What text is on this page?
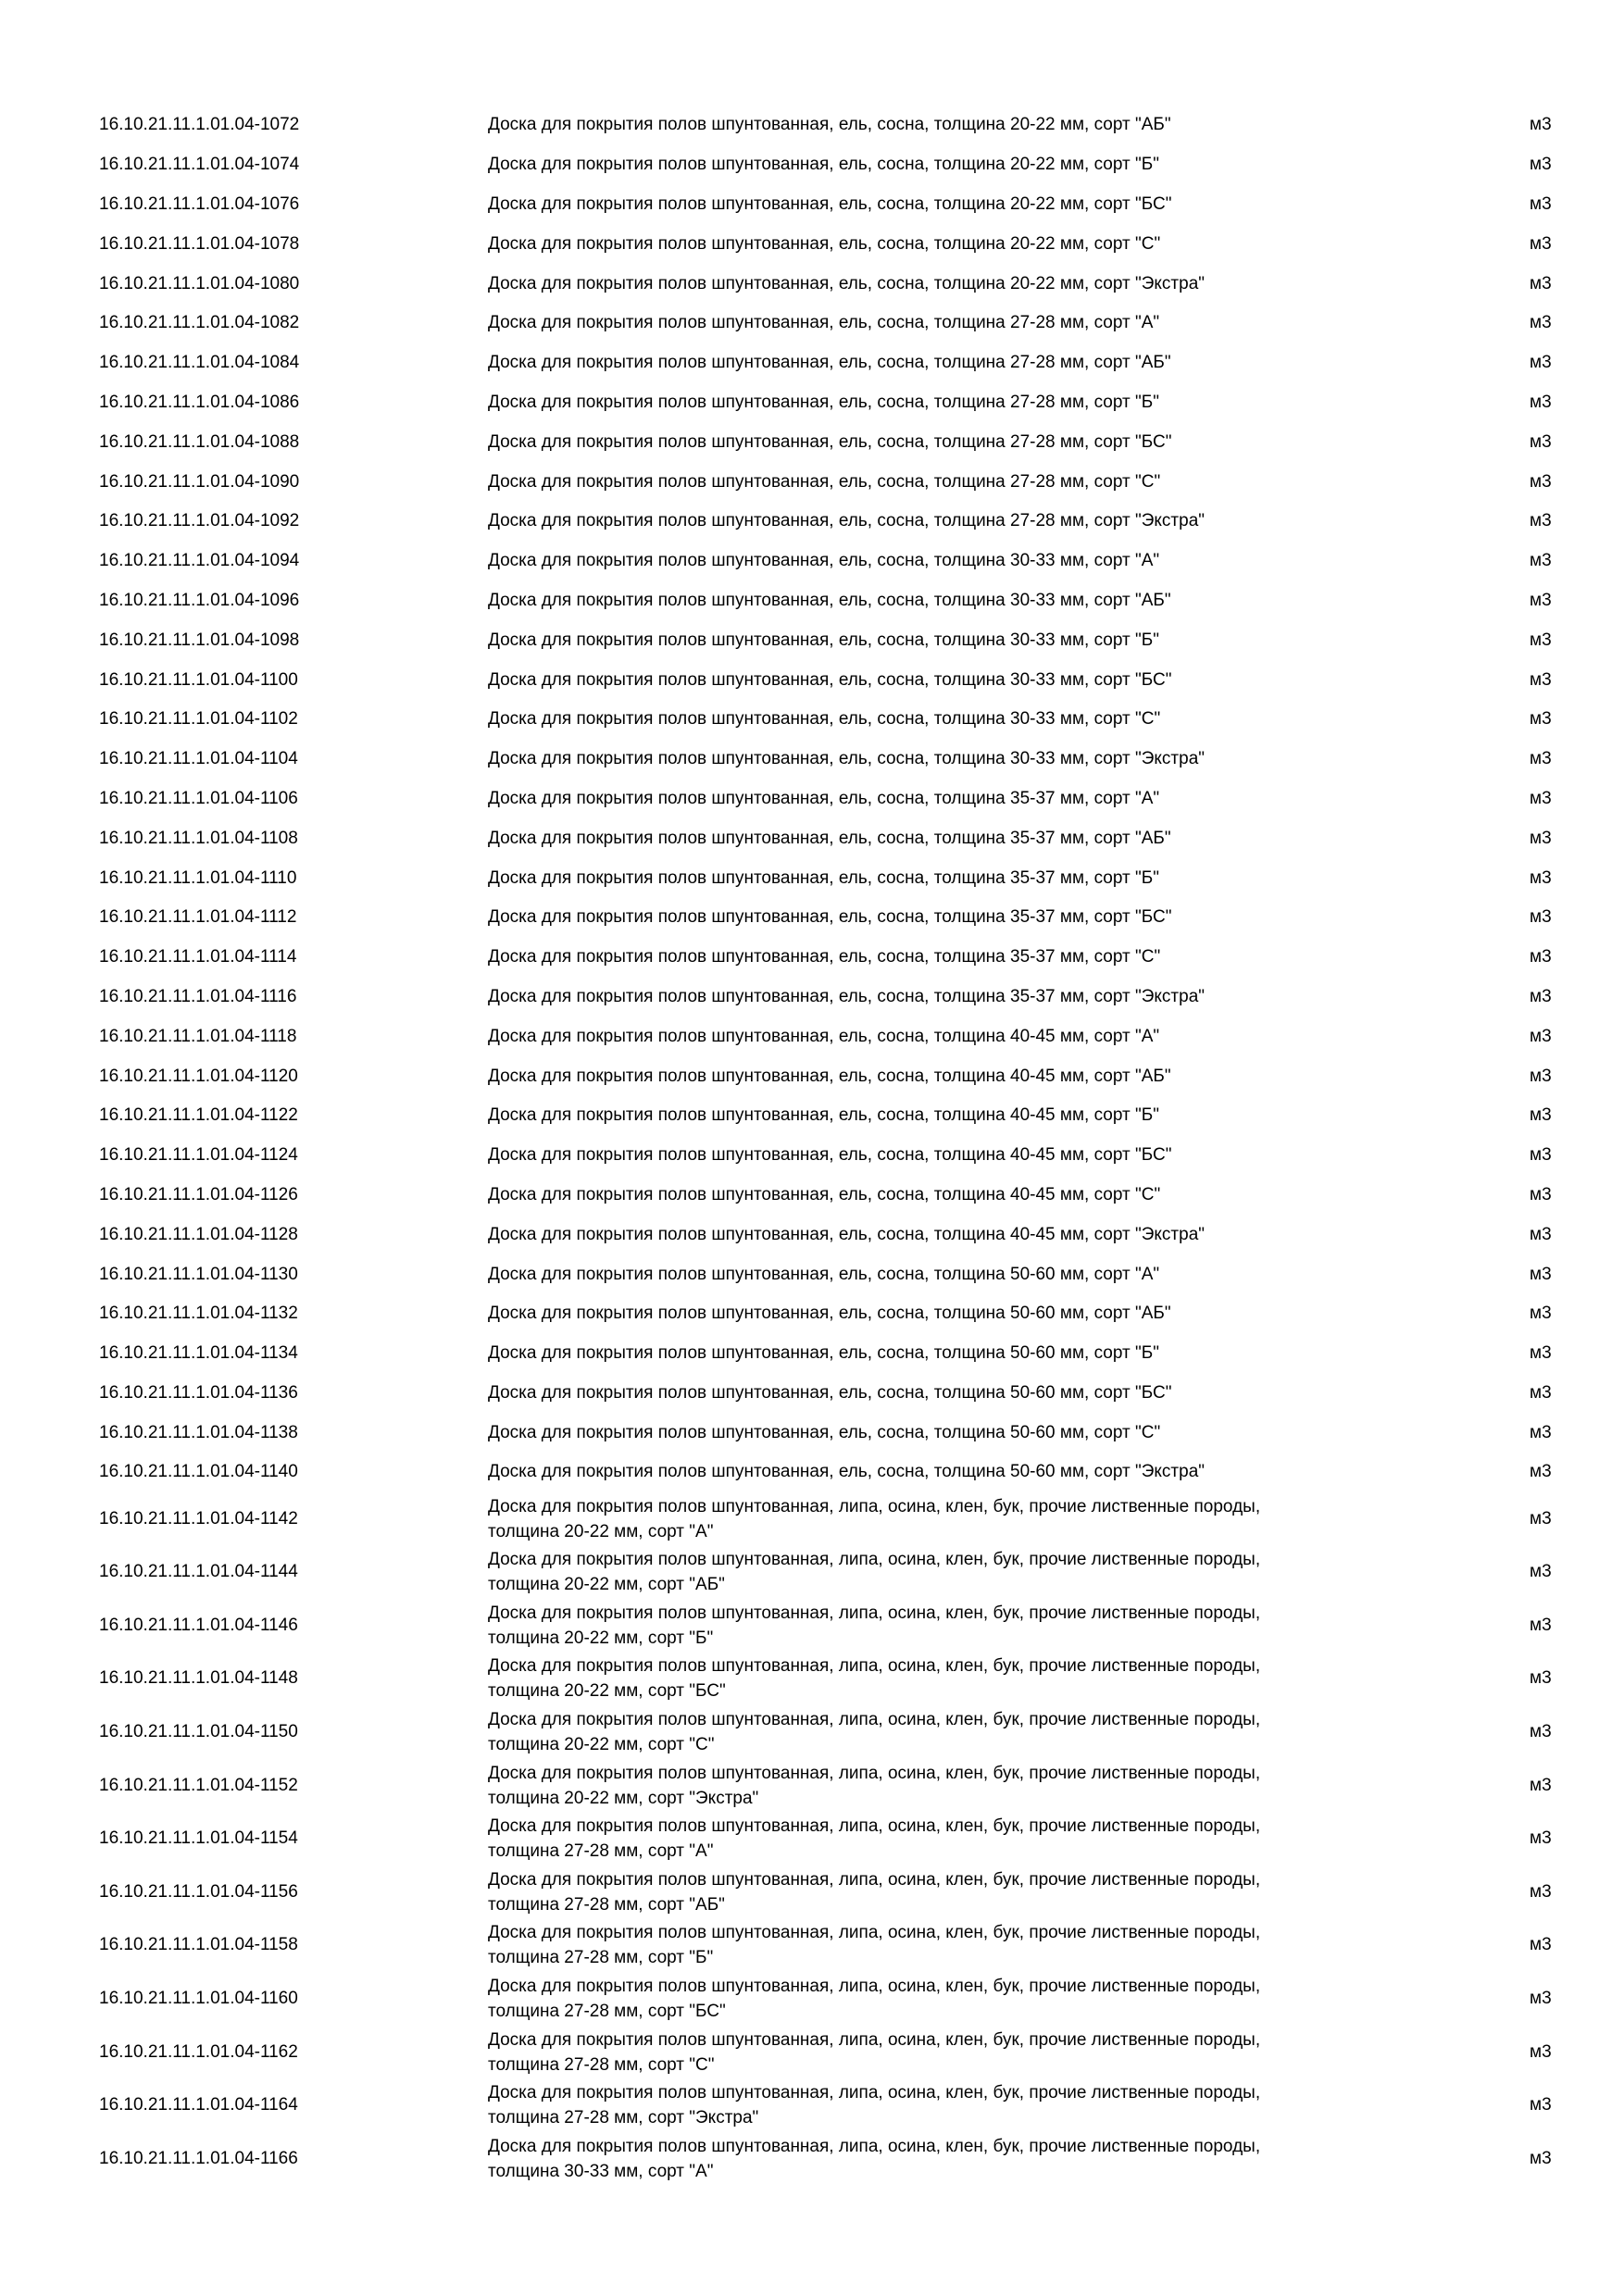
16.10.21.11.1.01.04-1072	Доска для покрытия полов шпунтованная, ель, сосна, толщина 20-22 мм, сорт "АБ"	м3
16.10.21.11.1.01.04-1074	Доска для покрытия полов шпунтованная, ель, сосна, толщина 20-22 мм, сорт "Б"	м3
16.10.21.11.1.01.04-1076	Доска для покрытия полов шпунтованная, ель, сосна, толщина 20-22 мм, сорт "БС"	м3
16.10.21.11.1.01.04-1078	Доска для покрытия полов шпунтованная, ель, сосна, толщина 20-22 мм, сорт "С"	м3
16.10.21.11.1.01.04-1080	Доска для покрытия полов шпунтованная, ель, сосна, толщина 20-22 мм, сорт "Экстра"	м3
16.10.21.11.1.01.04-1082	Доска для покрытия полов шпунтованная, ель, сосна, толщина 27-28 мм, сорт "А"	м3
16.10.21.11.1.01.04-1084	Доска для покрытия полов шпунтованная, ель, сосна, толщина 27-28 мм, сорт "АБ"	м3
16.10.21.11.1.01.04-1086	Доска для покрытия полов шпунтованная, ель, сосна, толщина 27-28 мм, сорт "Б"	м3
16.10.21.11.1.01.04-1088	Доска для покрытия полов шпунтованная, ель, сосна, толщина 27-28 мм, сорт "БС"	м3
16.10.21.11.1.01.04-1090	Доска для покрытия полов шпунтованная, ель, сосна, толщина 27-28 мм, сорт "С"	м3
16.10.21.11.1.01.04-1092	Доска для покрытия полов шпунтованная, ель, сосна, толщина 27-28 мм, сорт "Экстра"	м3
16.10.21.11.1.01.04-1094	Доска для покрытия полов шпунтованная, ель, сосна, толщина 30-33 мм, сорт "А"	м3
16.10.21.11.1.01.04-1096	Доска для покрытия полов шпунтованная, ель, сосна, толщина 30-33 мм, сорт "АБ"	м3
16.10.21.11.1.01.04-1098	Доска для покрытия полов шпунтованная, ель, сосна, толщина 30-33 мм, сорт "Б"	м3
16.10.21.11.1.01.04-1100	Доска для покрытия полов шпунтованная, ель, сосна, толщина 30-33 мм, сорт "БС"	м3
16.10.21.11.1.01.04-1102	Доска для покрытия полов шпунтованная, ель, сосна, толщина 30-33 мм, сорт "С"	м3
16.10.21.11.1.01.04-1104	Доска для покрытия полов шпунтованная, ель, сосна, толщина 30-33 мм, сорт "Экстра"	м3
16.10.21.11.1.01.04-1106	Доска для покрытия полов шпунтованная, ель, сосна, толщина 35-37 мм, сорт "А"	м3
16.10.21.11.1.01.04-1108	Доска для покрытия полов шпунтованная, ель, сосна, толщина 35-37 мм, сорт "АБ"	м3
16.10.21.11.1.01.04-1110	Доска для покрытия полов шпунтованная, ель, сосна, толщина 35-37 мм, сорт "Б"	м3
16.10.21.11.1.01.04-1112	Доска для покрытия полов шпунтованная, ель, сосна, толщина 35-37 мм, сорт "БС"	м3
16.10.21.11.1.01.04-1114	Доска для покрытия полов шпунтованная, ель, сосна, толщина 35-37 мм, сорт "С"	м3
16.10.21.11.1.01.04-1116	Доска для покрытия полов шпунтованная, ель, сосна, толщина 35-37 мм, сорт "Экстра"	м3
16.10.21.11.1.01.04-1118	Доска для покрытия полов шпунтованная, ель, сосна, толщина 40-45 мм, сорт "А"	м3
16.10.21.11.1.01.04-1120	Доска для покрытия полов шпунтованная, ель, сосна, толщина 40-45 мм, сорт "АБ"	м3
16.10.21.11.1.01.04-1122	Доска для покрытия полов шпунтованная, ель, сосна, толщина 40-45 мм, сорт "Б"	м3
16.10.21.11.1.01.04-1124	Доска для покрытия полов шпунтованная, ель, сосна, толщина 40-45 мм, сорт "БС"	м3
16.10.21.11.1.01.04-1126	Доска для покрытия полов шпунтованная, ель, сосна, толщина 40-45 мм, сорт "С"	м3
16.10.21.11.1.01.04-1128	Доска для покрытия полов шпунтованная, ель, сосна, толщина 40-45 мм, сорт "Экстра"	м3
16.10.21.11.1.01.04-1130	Доска для покрытия полов шпунтованная, ель, сосна, толщина 50-60 мм, сорт "А"	м3
16.10.21.11.1.01.04-1132	Доска для покрытия полов шпунтованная, ель, сосна, толщина 50-60 мм, сорт "АБ"	м3
16.10.21.11.1.01.04-1134	Доска для покрытия полов шпунтованная, ель, сосна, толщина 50-60 мм, сорт "Б"	м3
16.10.21.11.1.01.04-1136	Доска для покрытия полов шпунтованная, ель, сосна, толщина 50-60 мм, сорт "БС"	м3
16.10.21.11.1.01.04-1138	Доска для покрытия полов шпунтованная, ель, сосна, толщина 50-60 мм, сорт "С"	м3
16.10.21.11.1.01.04-1140	Доска для покрытия полов шпунтованная, ель, сосна, толщина 50-60 мм, сорт "Экстра"	м3
16.10.21.11.1.01.04-1142	Доска для покрытия полов шпунтованная, липа, осина, клен, бук, прочие лиственные породы,
толщина 20-22 мм, сорт "А"	м3
16.10.21.11.1.01.04-1144	Доска для покрытия полов шпунтованная, липа, осина, клен, бук, прочие лиственные породы,
толщина 20-22 мм, сорт "АБ"	м3
16.10.21.11.1.01.04-1146	Доска для покрытия полов шпунтованная, липа, осина, клен, бук, прочие лиственные породы,
толщина 20-22 мм, сорт "Б"	м3
16.10.21.11.1.01.04-1148	Доска для покрытия полов шпунтованная, липа, осина, клен, бук, прочие лиственные породы,
толщина 20-22 мм, сорт "БС"	м3
16.10.21.11.1.01.04-1150	Доска для покрытия полов шпунтованная, липа, осина, клен, бук, прочие лиственные породы,
толщина 20-22 мм, сорт "С"	м3
16.10.21.11.1.01.04-1152	Доска для покрытия полов шпунтованная, липа, осина, клен, бук, прочие лиственные породы,
толщина 20-22 мм, сорт "Экстра"	м3
16.10.21.11.1.01.04-1154	Доска для покрытия полов шпунтованная, липа, осина, клен, бук, прочие лиственные породы,
толщина 27-28 мм, сорт "А"	м3
16.10.21.11.1.01.04-1156	Доска для покрытия полов шпунтованная, липа, осина, клен, бук, прочие лиственные породы,
толщина 27-28 мм, сорт "АБ"	м3
16.10.21.11.1.01.04-1158	Доска для покрытия полов шпунтованная, липа, осина, клен, бук, прочие лиственные породы,
толщина 27-28 мм, сорт "Б"	м3
16.10.21.11.1.01.04-1160	Доска для покрытия полов шпунтованная, липа, осина, клен, бук, прочие лиственные породы,
толщина 27-28 мм, сорт "БС"	м3
16.10.21.11.1.01.04-1162	Доска для покрытия полов шпунтованная, липа, осина, клен, бук, прочие лиственные породы,
толщина 27-28 мм, сорт "С"	м3
16.10.21.11.1.01.04-1164	Доска для покрытия полов шпунтованная, липа, осина, клен, бук, прочие лиственные породы,
толщина 27-28 мм, сорт "Экстра"	м3
16.10.21.11.1.01.04-1166	Доска для покрытия полов шпунтованная, липа, осина, клен, бук, прочие лиственные породы,
толщина 30-33 мм, сорт "А"	м3
